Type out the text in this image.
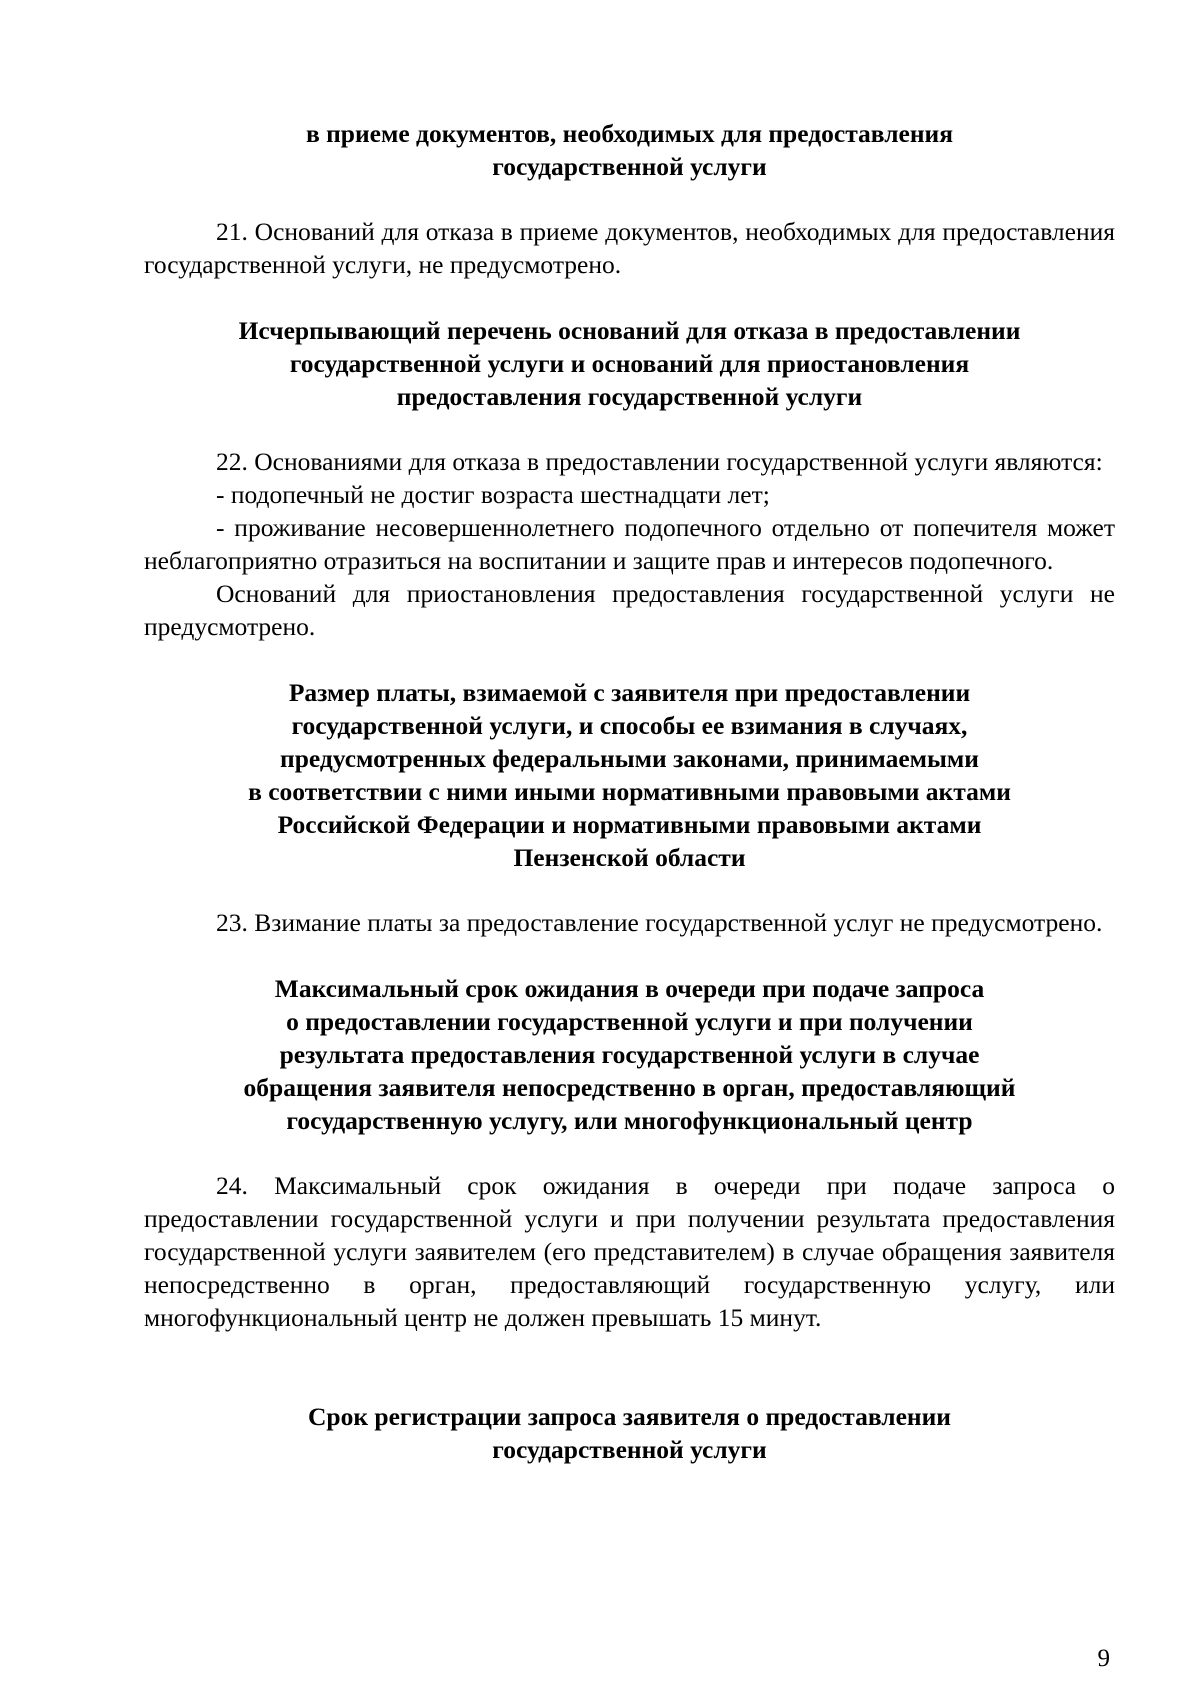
в приеме документов, необходимых для предоставления
государственной услуги

21. Оснований для отказа в приеме документов, необходимых для предоставления государственной услуги, не предусмотрено.

Исчерпывающий перечень оснований для отказа в предоставлении
государственной услуги и оснований для приостановления
предоставления государственной услуги

22. Основаниями для отказа в предоставлении государственной услуги являются:

- подопечный не достиг возраста шестнадцати лет;

- проживание несовершеннолетнего подопечного отдельно от попечителя может неблагоприятно отразиться на воспитании и защите прав и интересов подопечного.

Оснований для приостановления предоставления государственной услуги не предусмотрено.

Размер платы, взимаемой с заявителя при предоставлении
государственной услуги, и способы ее взимания в случаях,
предусмотренных федеральными законами, принимаемыми
в соответствии с ними иными нормативными правовыми актами
Российской Федерации и нормативными правовыми актами
Пензенской области

23. Взимание платы за предоставление государственной услуг не предусмотрено.

Максимальный срок ожидания в очереди при подаче запроса
о предоставлении государственной услуги и при получении
результата предоставления государственной услуги в случае
обращения заявителя непосредственно в орган, предоставляющий
государственную услугу, или многофункциональный центр

24. Максимальный срок ожидания в очереди при подаче запроса о предоставлении государственной услуги и при получении результата предоставления государственной услуги заявителем (его представителем) в случае обращения заявителя непосредственно в орган, предоставляющий государственную услугу, или многофункциональный центр не должен превышать 15 минут.

Срок регистрации запроса заявителя о предоставлении
государственной услуги
9
